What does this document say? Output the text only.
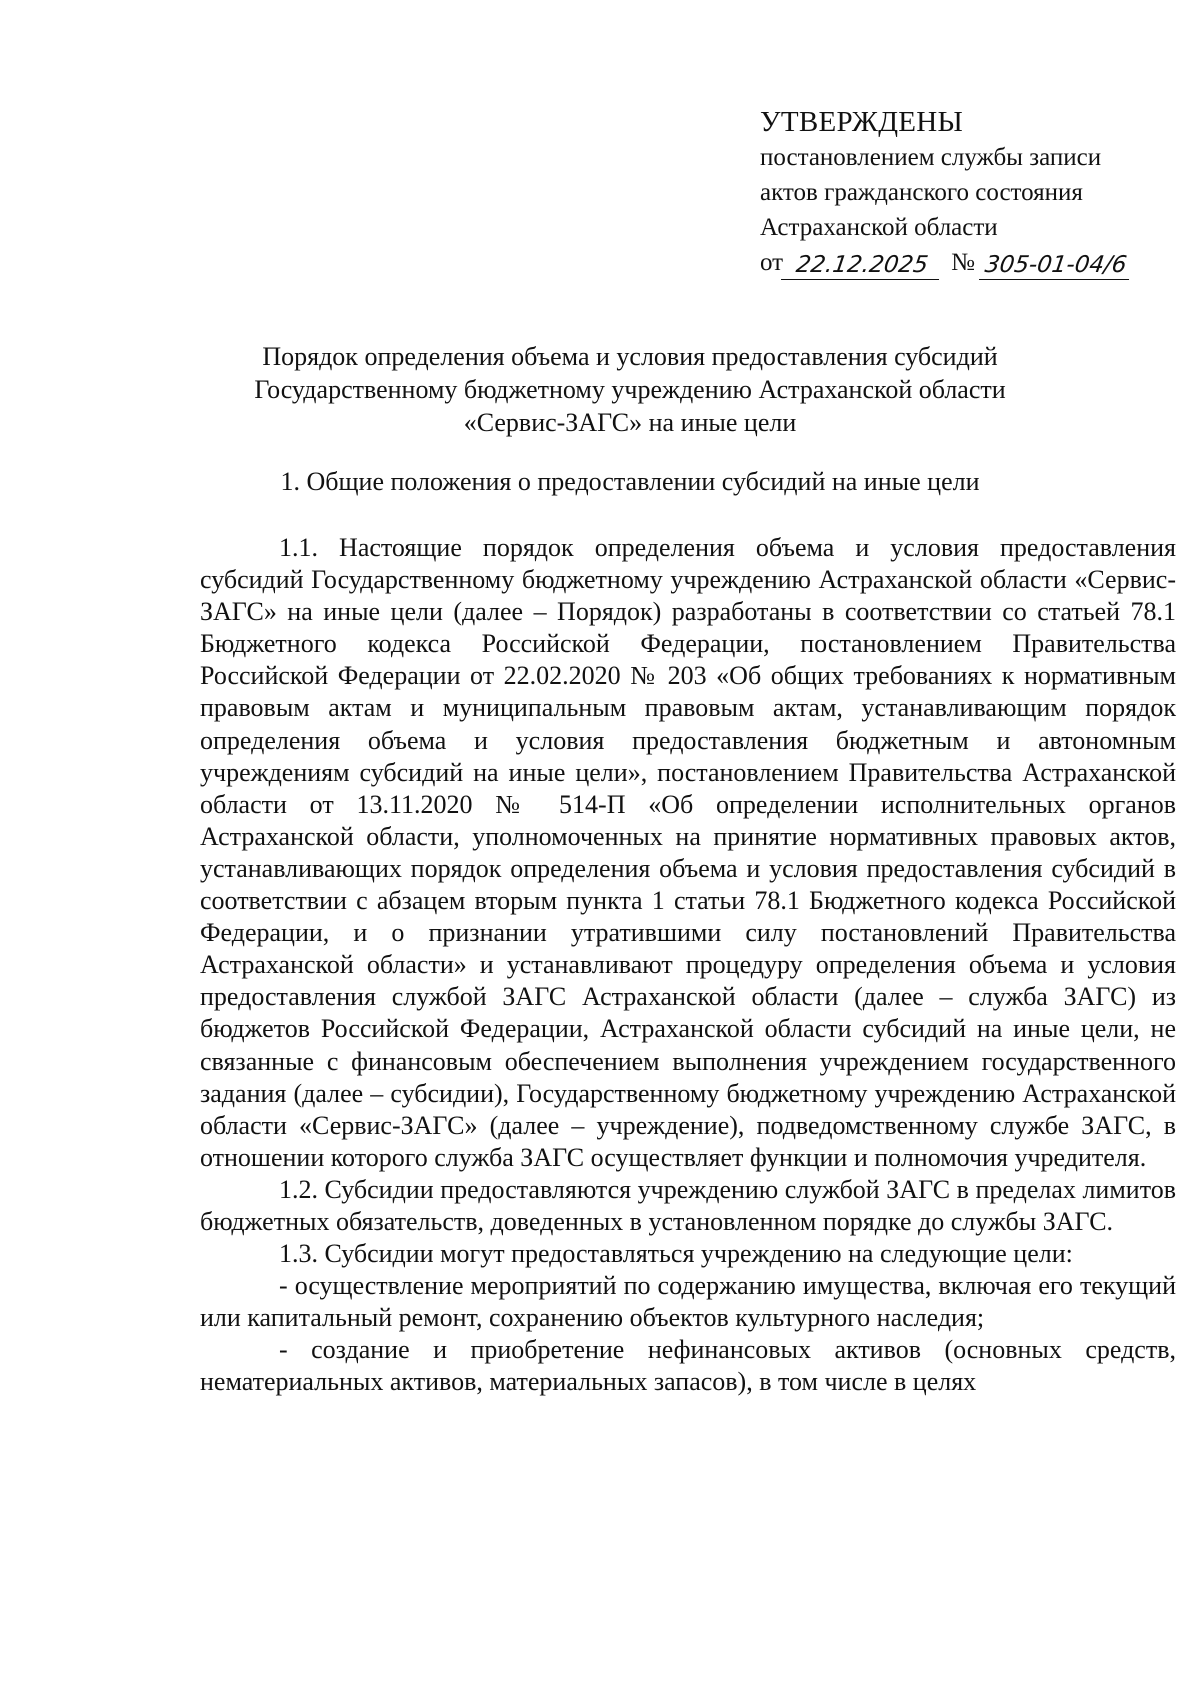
УТВЕРЖДЕНЫ
постановлением службы записи
актов гражданского состояния
Астраханской области
от 22.12.2025 № 305-01-04/6
Порядок определения объема и условия предоставления субсидий
Государственному бюджетному учреждению Астраханской области
«Сервис-ЗАГС» на иные цели
1. Общие положения о предоставлении субсидий на иные цели

1.1. Настоящие порядок определения объема и условия предоставления субсидий Государственному бюджетному учреждению Астраханской области «Сервис-ЗАГС» на иные цели (далее – Порядок) разработаны в соответствии со статьей 78.1 Бюджетного кодекса Российской Федерации, постановлением Правительства Российской Федерации от 22.02.2020 № 203 «Об общих требованиях к нормативным правовым актам и муниципальным правовым актам, устанавливающим порядок определения объема и условия предоставления бюджетным и автономным учреждениям субсидий на иные цели», постановлением Правительства Астраханской области от 13.11.2020 № 514-П «Об определении исполнительных органов Астраханской области, уполномоченных на принятие нормативных правовых актов, устанавливающих порядок определения объема и условия предоставления субсидий в соответствии с абзацем вторым пункта 1 статьи 78.1 Бюджетного кодекса Российской Федерации, и о признании утратившими силу постановлений Правительства Астраханской области» и устанавливают процедуру определения объема и условия предоставления службой ЗАГС Астраханской области (далее – служба ЗАГС) из бюджетов Российской Федерации, Астраханской области субсидий на иные цели, не связанные с финансовым обеспечением выполнения учреждением государственного задания (далее – субсидии), Государственному бюджетному учреждению Астраханской области «Сервис-ЗАГС» (далее – учреждение), подведомственному службе ЗАГС, в отношении которого служба ЗАГС осуществляет функции и полномочия учредителя.

1.2. Субсидии предоставляются учреждению службой ЗАГС в пределах лимитов бюджетных обязательств, доведенных в установленном порядке до службы ЗАГС.

1.3. Субсидии могут предоставляться учреждению на следующие цели:

- осуществление мероприятий по содержанию имущества, включая его текущий или капитальный ремонт, сохранению объектов культурного наследия;

- создание и приобретение нефинансовых активов (основных средств, нематериальных активов, материальных запасов), в том числе в целях
